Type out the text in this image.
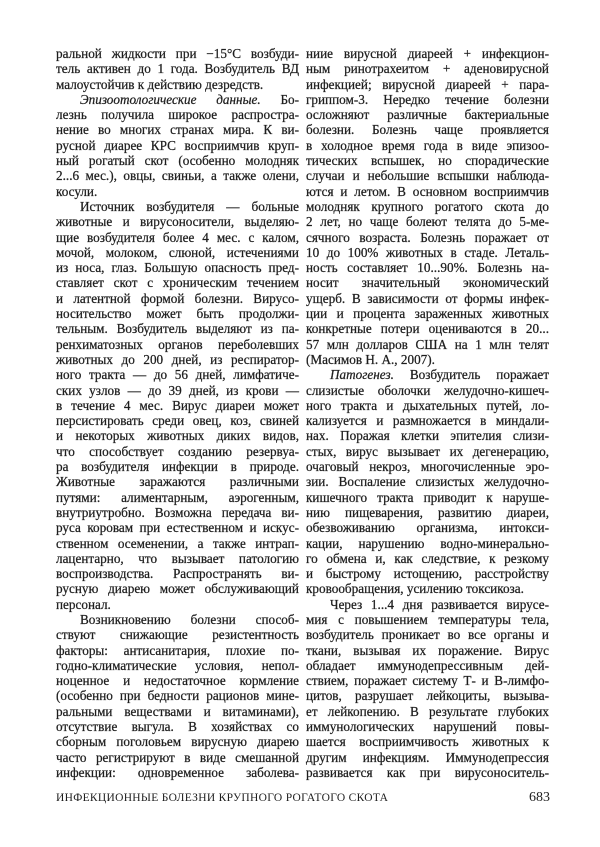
ральной жидкости при −15°С возбуди-
тель активен до 1 года. Возбудитель ВД
малоустойчив к действию дезредств.
Эпизоотологические данные. Бо-
лезнь получила широкое распростра-
нение во многих странах мира. К ви-
русной диарее КРС восприимчив круп-
ный рогатый скот (особенно молодняк
2...6 мес.), овцы, свиньи, а также олени,
косули.
Источник возбудителя — больные
животные и вирусоносители, выделяю-
щие возбудителя более 4 мес. с калом,
мочой, молоком, слюной, истечениями
из носа, глаз. Большую опасность пред-
ставляет скот с хроническим течением
и латентной формой болезни. Вирусо-
носительство может быть продолжи-
тельным. Возбудитель выделяют из па-
ренхиматозных органов переболевших
животных до 200 дней, из респиратор-
ного тракта — до 56 дней, лимфатиче-
ских узлов — до 39 дней, из крови —
в течение 4 мес. Вирус диареи может
персистировать среди овец, коз, свиней
и некоторых животных диких видов,
что способствует созданию резервуа-
ра возбудителя инфекции в природе.
Животные заражаются различными
путями: алиментарным, аэрогенным,
внутриутробно. Возможна передача ви-
руса коровам при естественном и искус-
ственном осеменении, а также интрап-
лацентарно, что вызывает патологию
воспроизводства. Распространять ви-
русную диарею может обслуживающий
персонал.
Возникновению болезни способ-
ствуют снижающие резистентность
факторы: антисанитария, плохие по-
годно-климатические условия, непол-
ноценное и недостаточное кормление
(особенно при бедности рационов мине-
ральными веществами и витаминами),
отсутствие выгула. В хозяйствах со
сборным поголовьем вирусную диарею
часто регистрируют в виде смешанной
инфекции: одновременное заболева-
ниие вирусной диареей + инфекцион-
ным ринотрахеитом + аденовирусной
инфекцией; вирусной диареей + пара-
гриппом-3. Нередко течение болезни
осложняют различные бактериальные
болезни. Болезнь чаще проявляется
в холодное время года в виде эпизоо-
тических вспышек, но спорадические
случаи и небольшие вспышки наблюда-
ются и летом. В основном восприимчив
молодняк крупного рогатого скота до
2 лет, но чаще болеют телята до 5-ме-
сячного возраста. Болезнь поражает от
10 до 100% животных в стаде. Леталь-
ность составляет 10...90%. Болезнь на-
носит значительный экономический
ущерб. В зависимости от формы инфек-
ции и процента зараженных животных
конкретные потери оцениваются в 20...
57 млн долларов США на 1 млн телят
(Масимов Н. А., 2007).
Патогенез. Возбудитель поражает
слизистые оболочки желудочно-кишеч-
ного тракта и дыхательных путей, ло-
кализуется и размножается в миндали-
нах. Поражая клетки эпителия слизи-
стых, вирус вызывает их дегенерацию,
очаговый некроз, многочисленные эро-
зии. Воспаление слизистых желудочно-
кишечного тракта приводит к наруше-
нию пищеварения, развитию диареи,
обезвоживанию организма, интокси-
кации, нарушению водно-минерально-
го обмена и, как следствие, к резкому
и быстрому истощению, расстройству
кровообращения, усилению токсикоза.
Через 1...4 дня развивается вирусе-
мия с повышением температуры тела,
возбудитель проникает во все органы и
ткани, вызывая их поражение. Вирус
обладает иммунодепрессивным дей-
ствием, поражает систему Т- и В-лимфо-
цитов, разрушает лейкоциты, вызыва-
ет лейкопению. В результате глубоких
иммунологических нарушений повы-
шается восприимчивость животных к
другим инфекциям. Иммунодепрессия
развивается как при вирусоноситель-
ИНФЕКЦИОННЫЕ БОЛЕЗНИ КРУПНОГО РОГАТОГО СКОТА	683
